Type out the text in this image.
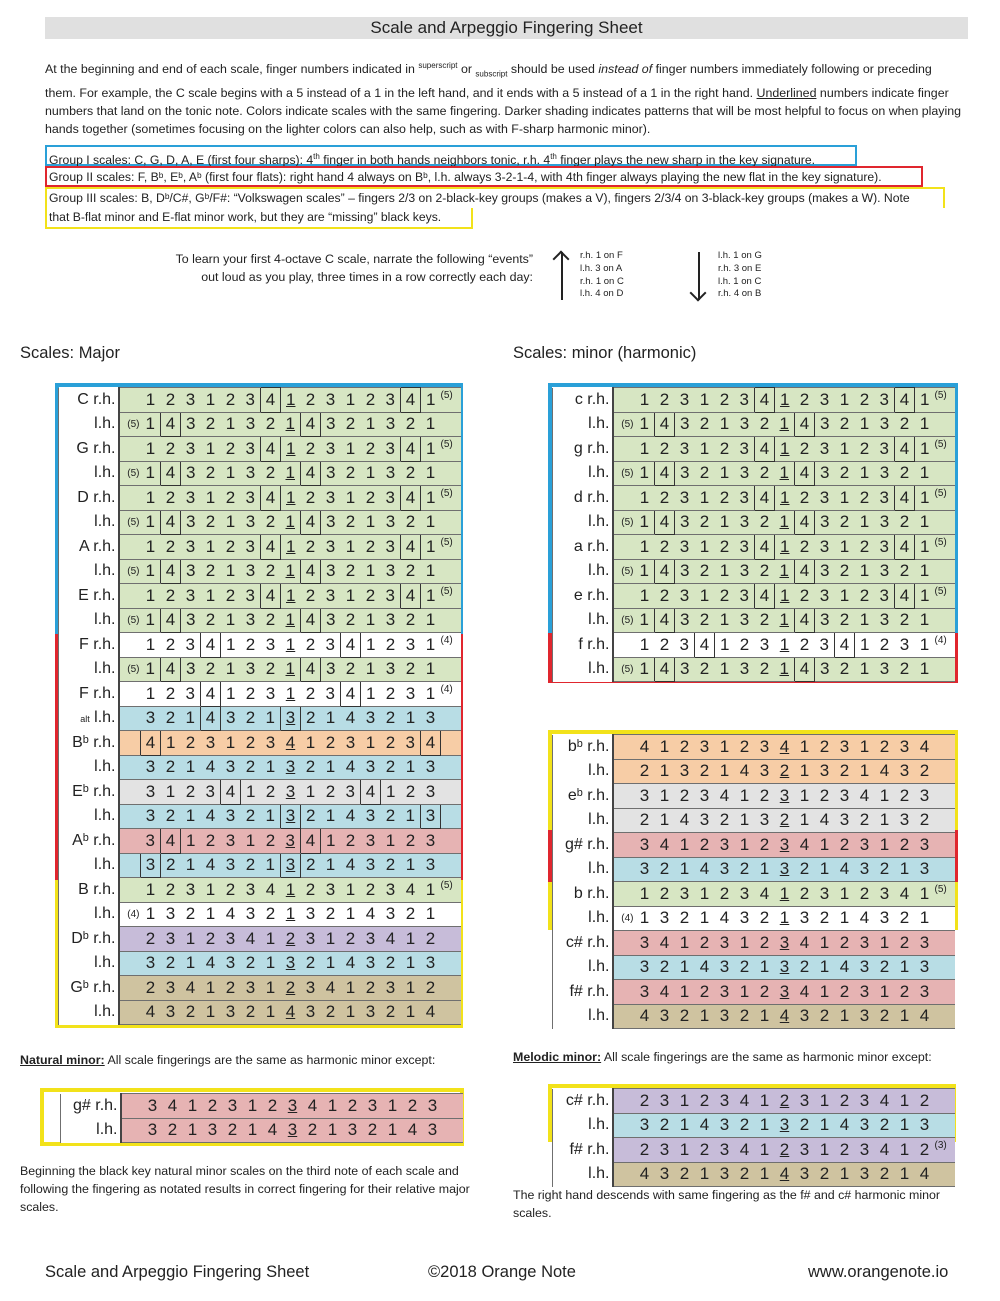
Scale and Arpeggio Fingering Sheet
At the beginning and end of each scale, finger numbers indicated in $^{superscript}$ or $_{subscript}$ should be used instead of finger numbers immediately following or preceding them. For example, the C scale begins with a 5 instead of a 1 in the left hand, and it ends with a 5 instead of a 1 in the right hand. Underlined numbers indicate finger numbers that land on the tonic note. Colors indicate scales with the same fingering. Darker shading indicates patterns that will be most helpful to focus on when playing hands together (sometimes focusing on the lighter colors can also help, such as with F-sharp harmonic minor).
Group I scales: C, G, D, A, E (first four sharps): 4th finger in both hands neighbors tonic, r.h. 4th finger plays the new sharp in the key signature.
Group II scales: F, Bᵇ, Eᵇ, Aᵇ (first four flats): right hand 4 always on Bᵇ, l.h. always 3-2-1-4, with 4th finger always playing the new flat in the key signature).
Group III scales: B, Dᵇ/C#, Gᵇ/F#: “Volkswagen scales” – fingers 2/3 on 2-black-key groups (makes a V), fingers 2/3/4 on 3-black-key groups (makes a W). Note
that B-flat minor and E-flat minor work, but they are “missing” black keys.
To learn your first 4-octave C scale, narrate the following “events”
out loud as you play, three times in a row correctly each day:
r.h. 1 on F
l.h. 3 on A
r.h. 1 on C
l.h. 4 on D
l.h. 1 on G
r.h. 3 on E
l.h. 1 on C
r.h. 4 on B
Scales: Major	Scales: minor (harmonic)
C r.h.		1	2	3	1	2	3	4	1	2	3	1	2	3	4	1	(5)
l.h.	(5)	1	4	3	2	1	3	2	1	4	3	2	1	3	2	1	
G r.h.		1	2	3	1	2	3	4	1	2	3	1	2	3	4	1	(5)
l.h.	(5)	1	4	3	2	1	3	2	1	4	3	2	1	3	2	1	
D r.h.		1	2	3	1	2	3	4	1	2	3	1	2	3	4	1	(5)
l.h.	(5)	1	4	3	2	1	3	2	1	4	3	2	1	3	2	1	
A r.h.		1	2	3	1	2	3	4	1	2	3	1	2	3	4	1	(5)
l.h.	(5)	1	4	3	2	1	3	2	1	4	3	2	1	3	2	1	
E r.h.		1	2	3	1	2	3	4	1	2	3	1	2	3	4	1	(5)
l.h.	(5)	1	4	3	2	1	3	2	1	4	3	2	1	3	2	1	
F r.h.		1	2	3	4	1	2	3	1	2	3	4	1	2	3	1	(4)
l.h.	(5)	1	4	3	2	1	3	2	1	4	3	2	1	3	2	1	
F r.h.		1	2	3	4	1	2	3	1	2	3	4	1	2	3	1	(4)
alt l.h.		3	2	1	4	3	2	1	3	2	1	4	3	2	1	3	
Bᵇ r.h.		4	1	2	3	1	2	3	4	1	2	3	1	2	3	4	
l.h.		3	2	1	4	3	2	1	3	2	1	4	3	2	1	3	
Eᵇ r.h.		3	1	2	3	4	1	2	3	1	2	3	4	1	2	3	
l.h.		3	2	1	4	3	2	1	3	2	1	4	3	2	1	3	
Aᵇ r.h.		3	4	1	2	3	1	2	3	4	1	2	3	1	2	3	
l.h.		3	2	1	4	3	2	1	3	2	1	4	3	2	1	3	
B r.h.		1	2	3	1	2	3	4	1	2	3	1	2	3	4	1	(5)
l.h.	(4)	1	3	2	1	4	3	2	1	3	2	1	4	3	2	1	
Dᵇ r.h.		2	3	1	2	3	4	1	2	3	1	2	3	4	1	2	
l.h.		3	2	1	4	3	2	1	3	2	1	4	3	2	1	3	
Gᵇ r.h.		2	3	4	1	2	3	1	2	3	4	1	2	3	1	2	
l.h.		4	3	2	1	3	2	1	4	3	2	1	3	2	1	4	
c r.h.		1	2	3	1	2	3	4	1	2	3	1	2	3	4	1	(5)
l.h.	(5)	1	4	3	2	1	3	2	1	4	3	2	1	3	2	1	
g r.h.		1	2	3	1	2	3	4	1	2	3	1	2	3	4	1	(5)
l.h.	(5)	1	4	3	2	1	3	2	1	4	3	2	1	3	2	1	
d r.h.		1	2	3	1	2	3	4	1	2	3	1	2	3	4	1	(5)
l.h.	(5)	1	4	3	2	1	3	2	1	4	3	2	1	3	2	1	
a r.h.		1	2	3	1	2	3	4	1	2	3	1	2	3	4	1	(5)
l.h.	(5)	1	4	3	2	1	3	2	1	4	3	2	1	3	2	1	
e r.h.		1	2	3	1	2	3	4	1	2	3	1	2	3	4	1	(5)
l.h.	(5)	1	4	3	2	1	3	2	1	4	3	2	1	3	2	1	
f r.h.		1	2	3	4	1	2	3	1	2	3	4	1	2	3	1	(4)
l.h.	(5)	1	4	3	2	1	3	2	1	4	3	2	1	3	2	1	
bᵇ r.h.		4	1	2	3	1	2	3	4	1	2	3	1	2	3	4	
l.h.		2	1	3	2	1	4	3	2	1	3	2	1	4	3	2	
eᵇ r.h.		3	1	2	3	4	1	2	3	1	2	3	4	1	2	3	
l.h.		2	1	4	3	2	1	3	2	1	4	3	2	1	3	2	
g# r.h.		3	4	1	2	3	1	2	3	4	1	2	3	1	2	3	
l.h.		3	2	1	4	3	2	1	3	2	1	4	3	2	1	3	
b r.h.		1	2	3	1	2	3	4	1	2	3	1	2	3	4	1	(5)
l.h.	(4)	1	3	2	1	4	3	2	1	3	2	1	4	3	2	1	
c# r.h.		3	4	1	2	3	1	2	3	4	1	2	3	1	2	3	
l.h.		3	2	1	4	3	2	1	3	2	1	4	3	2	1	3	
f# r.h.		3	4	1	2	3	1	2	3	4	1	2	3	1	2	3	
l.h.		4	3	2	1	3	2	1	4	3	2	1	3	2	1	4	
Natural minor: All scale fingerings are the same as harmonic minor except:
g# r.h.		3	4	1	2	3	1	2	3	4	1	2	3	1	2	3	
l.h.		3	2	1	3	2	1	4	3	2	1	3	2	1	4	3	
Beginning the black key natural minor scales on the third note of each scale and following the fingering as notated results in correct fingering for their relative major scales.
Melodic minor: All scale fingerings are the same as harmonic minor except:
c# r.h.		2	3	1	2	3	4	1	2	3	1	2	3	4	1	2	
l.h.		3	2	1	4	3	2	1	3	2	1	4	3	2	1	3	
f# r.h.		2	3	1	2	3	4	1	2	3	1	2	3	4	1	2	(3)
l.h.		4	3	2	1	3	2	1	4	3	2	1	3	2	1	4	
The right hand descends with same fingering as the f# and c# harmonic minor scales.
Scale and Arpeggio Fingering Sheet	©2018 Orange Note	www.orangenote.io
